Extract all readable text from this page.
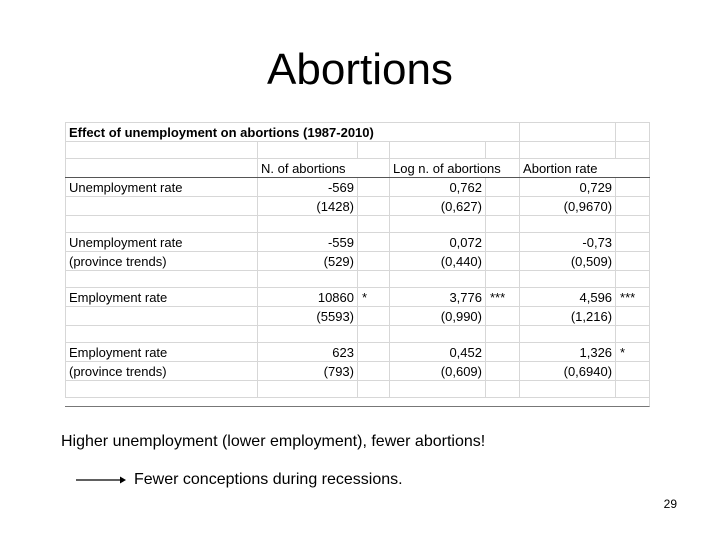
Abortions
Effect of unemployment on abortions (1987-2010)						

	N. of abortions		Log n. of abortions		Abortion rate	
Unemployment rate	-569		0,762		0,729	
	(1428)		(0,627)		(0,9670)	

Unemployment rate	-559		0,072		-0,73	
(province trends)	(529)		(0,440)		(0,509)	

Employment rate	10860	*	3,776	***	4,596	***
	(5593)		(0,990)		(1,216)	

Employment rate	623		0,452		1,326	*
(province trends)	(793)		(0,609)		(0,6940)	

Higher unemployment (lower employment), fewer abortions!
Fewer conceptions during recessions.
29
